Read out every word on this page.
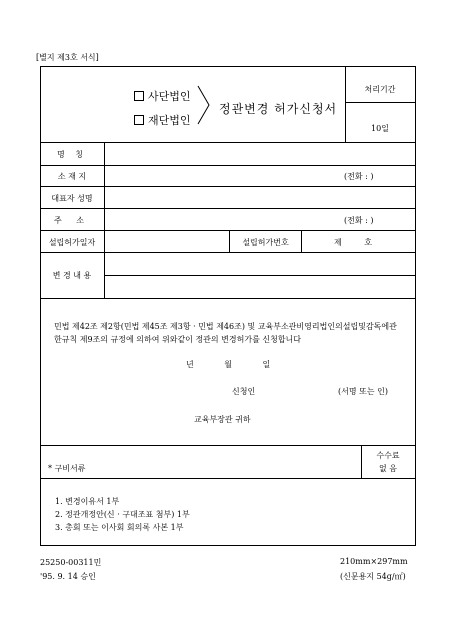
[별지 제3호 서식]
사단법인
재단법인
정관변경 허가신청서
처리기간
10일
명 칭
소 재 지	(전화 : )
대표자 성명
주 소	(전화 : )
설립허가일자	설립허가번호	제 호
변 경 내 용
민법 제42조 제2항(민법 제45조 제3항 · 민법 제46조) 및 교육부소관비영리법인의설립및감독에관한규칙 제9조의 규정에 의하여 위와같이 정관의 변경허가를 신청합니다
년 월 일
신청인	(서명 또는 인)
교육부장관 귀하
* 구비서류
수수료
없 음
1. 변경이유서 1부
2. 정관개정안(신 · 구대조표 첨부) 1부
3. 총회 또는 이사회 회의록 사본 1부
25250-00311민	210mm×297mm
'95. 9. 14 승인	(신문용지 54g/㎡)
